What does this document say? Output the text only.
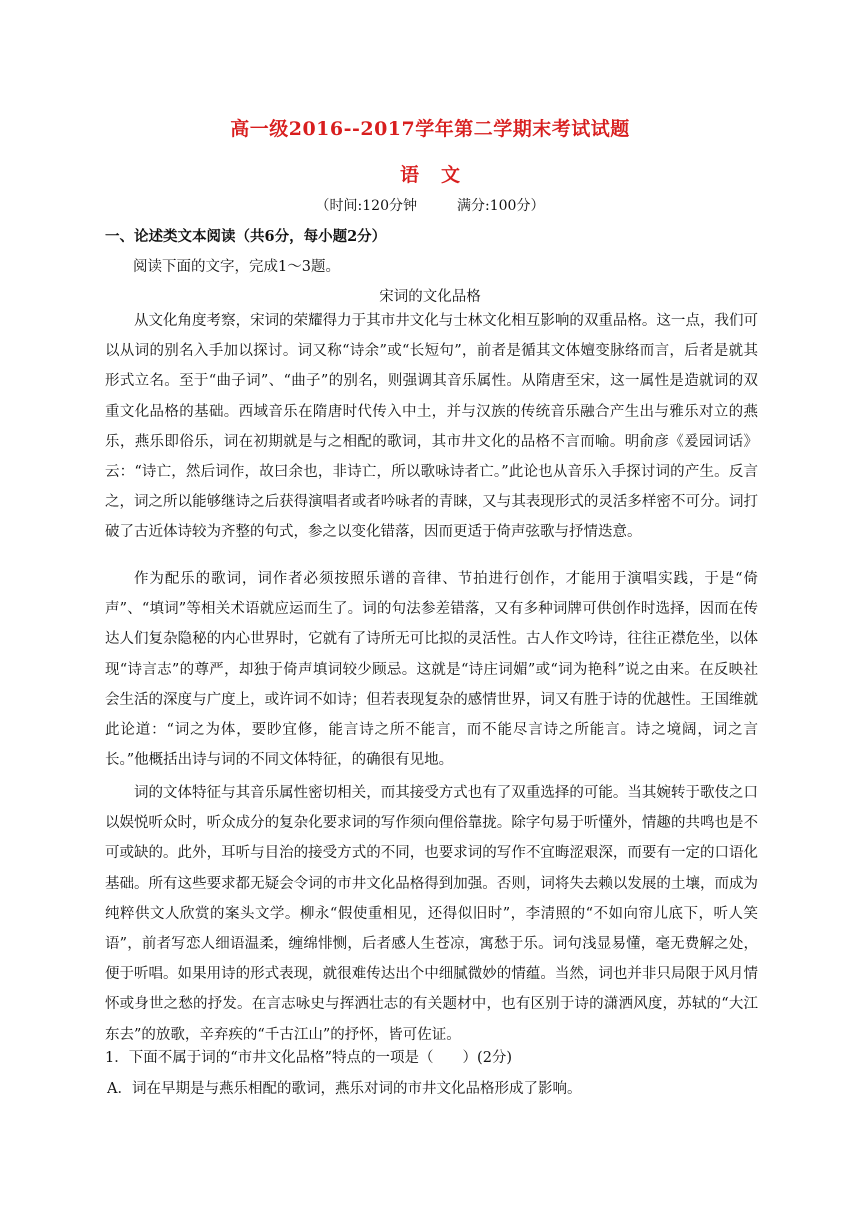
高一级2016--2017学年第二学期末考试试题
语文
（时间:120分钟	满分:100分）
一、论述类文本阅读（共6分，每小题2分）
阅读下面的文字，完成1～3题。
宋词的文化品格

从文化角度考察，宋词的荣耀得力于其市井文化与士林文化相互影响的双重品格。这一点，我们可以从词的别名入手加以探讨。词又称“诗余”或“长短句”，前者是循其文体嬗变脉络而言，后者是就其形式立名。至于“曲子词”、“曲子”的别名，则强调其音乐属性。从隋唐至宋，这一属性是造就词的双重文化品格的基础。西域音乐在隋唐时代传入中土，并与汉族的传统音乐融合产生出与雅乐对立的燕乐，燕乐即俗乐，词在初期就是与之相配的歌词，其市井文化的品格不言而喻。明俞彦《爰园词话》云：“诗亡，然后词作，故曰余也，非诗亡，所以歌咏诗者亡。”此论也从音乐入手探讨词的产生。反言之，词之所以能够继诗之后获得演唱者或者吟咏者的青睐，又与其表现形式的灵活多样密不可分。词打破了古近体诗较为齐整的句式，参之以变化错落，因而更适于倚声弦歌与抒情迭意。

作为配乐的歌词，词作者必须按照乐谱的音律、节拍进行创作，才能用于演唱实践，于是“倚声”、“填词”等相关术语就应运而生了。词的句法参差错落，又有多种词牌可供创作时选择，因而在传达人们复杂隐秘的内心世界时，它就有了诗所无可比拟的灵活性。古人作文吟诗，往往正襟危坐，以体现“诗言志”的尊严，却独于倚声填词较少顾忌。这就是“诗庄词媚”或“词为艳科”说之由来。在反映社会生活的深度与广度上，或许词不如诗；但若表现复杂的感情世界，词又有胜于诗的优越性。王国维就此论道：“词之为体，要眇宜修，能言诗之所不能言，而不能尽言诗之所能言。诗之境阔，词之言长。”他概括出诗与词的不同文体特征，的确很有见地。

词的文体特征与其音乐属性密切相关，而其接受方式也有了双重选择的可能。当其婉转于歌伎之口以娱悦听众时，听众成分的复杂化要求词的写作须向俚俗靠拢。除字句易于听懂外，情趣的共鸣也是不可或缺的。此外，耳听与目治的接受方式的不同，也要求词的写作不宜晦涩艰深，而要有一定的口语化基础。所有这些要求都无疑会令词的市井文化品格得到加强。否则，词将失去赖以发展的土壤，而成为纯粹供文人欣赏的案头文学。柳永“假使重相见，还得似旧时”，李清照的“不如向帘儿底下，听人笑语”，前者写恋人细语温柔，缠绵悱恻，后者感人生苍凉，寓愁于乐。词句浅显易懂，毫无费解之处，便于听唱。如果用诗的形式表现，就很难传达出个中细腻微妙的情蕴。当然，词也并非只局限于风月情怀或身世之愁的抒发。在言志咏史与挥洒壮志的有关题材中，也有区别于诗的潇洒风度，苏轼的“大江东去”的放歌，辛弃疾的“千古江山”的抒怀，皆可佐证。

1．下面不属于词的“市井文化品格”特点的一项是（　　）(2分)
A．词在早期是与燕乐相配的歌词，燕乐对词的市井文化品格形成了影响。
